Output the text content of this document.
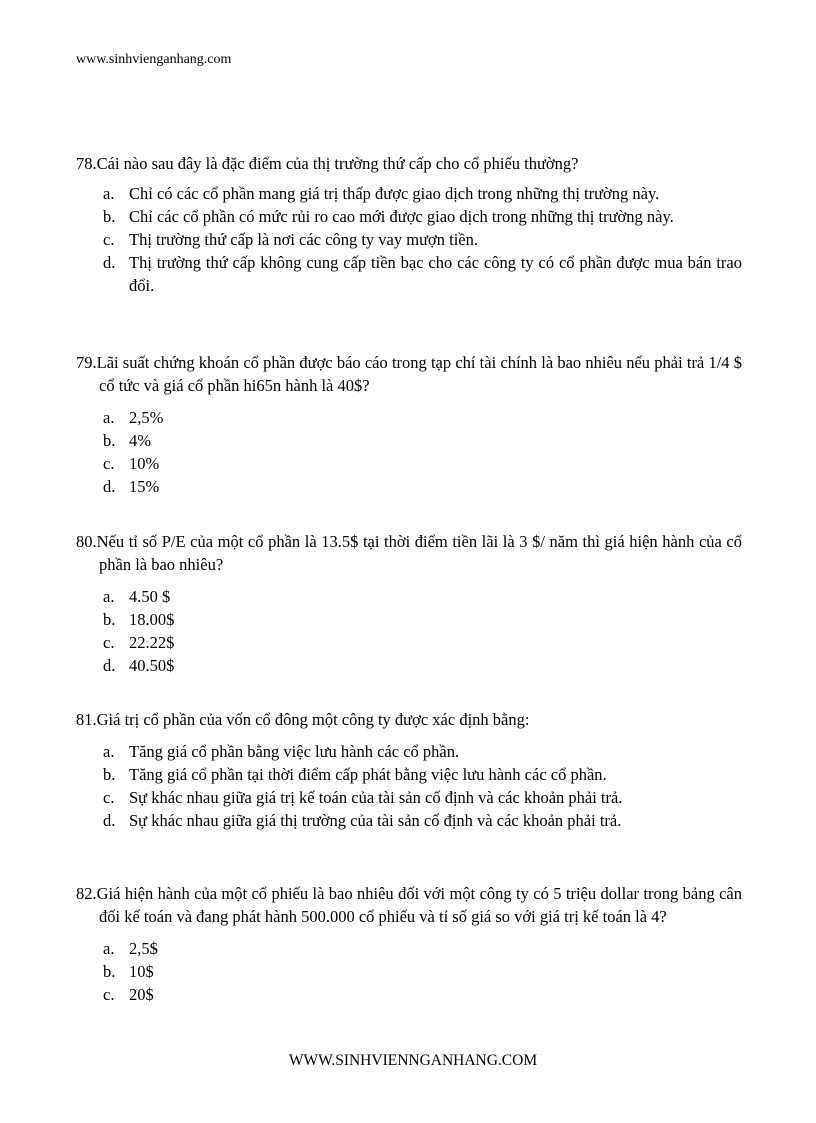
www.sinhvienganhang.com

78.Cái nào sau đây là đặc điểm của thị trường thứ cấp cho cổ phiếu thường?

a. Chỉ có các cổ phần mang giá trị thấp được giao dịch trong những thị trường này.
b. Chỉ các cổ phần có mức rủi ro cao mới được giao dịch trong những thị trường này.
c. Thị trường thứ cấp là nơi các công ty vay mượn tiền.
d. Thị trường thứ cấp không cung cấp tiền bạc cho các công ty có cổ phần được mua bán trao đổi.

79.Lãi suất chứng khoán cổ phần được báo cáo trong tạp chí tài chính là bao nhiêu nếu phải trả 1/4 $ cổ tức và giá cổ phần hi65n hành là 40$?

a. 2,5%
b. 4%
c. 10%
d. 15%

80.Nếu tỉ số P/E của một cổ phần là 13.5$ tại thời điểm tiền lãi là 3 $/ năm thì giá hiện hành của cổ phần là bao nhiêu?

a. 4.50 $
b. 18.00$
c. 22.22$
d. 40.50$

81.Giá trị cổ phần của vốn cổ đông một công ty được xác định bằng:

a. Tăng giá cổ phần bằng việc lưu hành các cổ phần.
b. Tăng giá cổ phần tại thời điểm cấp phát bằng việc lưu hành các cổ phần.
c. Sự khác nhau giữa giá trị kế toán của tài sản cố định và các khoản phải trả.
d. Sự khác nhau giữa giá thị trường của tài sản cố định và các khoản phải trả.

82.Giá hiện hành của một cổ phiếu là bao nhiêu đối với một công ty có 5 triệu dollar trong bảng cân đối kế toán và đang phát hành 500.000 cổ phiếu và tỉ số giá so với giá trị kế toán là 4?

a. 2,5$
b. 10$
c. 20$
WWW.SINHVIENNGANHANG.COM
